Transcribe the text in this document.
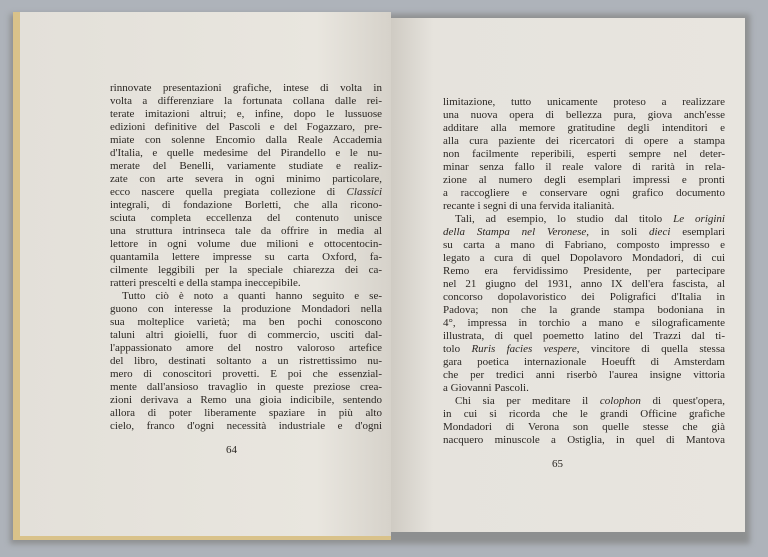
rinnovate presentazioni grafiche, intese di volta in
volta a differenziare la fortunata collana dalle rei-
terate imitazioni altrui; e, infine, dopo le lussuose
edizioni definitive del Pascoli e del Fogazzaro, pre-
miate con solenne Encomio dalla Reale Accademia
d'Italia, e quelle medesime del Pirandello e le nu-
merate del Benelli, variamente studiate e realiz-
zate con arte severa in ogni minimo particolare,
ecco nascere quella pregiata collezione di Classici
integrali, di fondazione Borletti, che alla ricono-
sciuta completa eccellenza del contenuto unisce
una struttura intrinseca tale da offrire in media al
lettore in ogni volume due milioni e ottocentocin-
quantamila lettere impresse su carta Oxford, fa-
cilmente leggibili per la speciale chiarezza dei ca-
ratteri prescelti e della stampa ineccepibile.
Tutto ciò è noto a quanti hanno seguito e se-
guono con interesse la produzione Mondadori nella
sua molteplice varietà; ma ben pochi conoscono
taluni altri gioielli, fuor di commercio, usciti dal-
l'appassionato amore del nostro valoroso artefice
del libro, destinati soltanto a un ristrettissimo nu-
mero di conoscitori provetti. E poi che essenzial-
mente dall'ansioso travaglio in queste preziose crea-
zioni derivava a Remo una gioia indicibile, sentendo
allora di poter liberamente spaziare in più alto
cielo, franco d'ogni necessità industriale e d'ogni
64
limitazione, tutto unicamente proteso a realizzare
una nuova opera di bellezza pura, giova anch'esse
additare alla memore gratitudine degli intenditori e
alla cura paziente dei ricercatori di opere a stampa
non facilmente reperibili, esperti sempre nel deter-
minar senza fallo il reale valore di rarità in rela-
zione al numero degli esemplari impressi e pronti
a raccogliere e conservare ogni grafico documento
recante i segni di una fervida italianità.
Tali, ad esempio, lo studio dal titolo Le origini
della Stampa nel Veronese, in soli dieci esemplari
su carta a mano di Fabriano, composto impresso e
legato a cura di quel Dopolavoro Mondadori, di cui
Remo era fervidissimo Presidente, per partecipare
nel 21 giugno del 1931, anno IX dell'era fascista, al
concorso dopolavoristico dei Poligrafici d'Italia in
Padova; non che la grande stampa bodoniana in
4°, impressa in torchio a mano e silograficamente
illustrata, di quel poemetto latino del Trazzi dal ti-
tolo Ruris facies vespere, vincitore di quella stessa
gara poetica internazionale Hoeufft di Amsterdam
che per tredici anni riserbò l'aurea insigne vittoria
a Giovanni Pascoli.
Chi sia per meditare il colophon di quest'opera,
in cui si ricorda che le grandi Officine grafiche
Mondadori di Verona son quelle stesse che già
nacquero minuscole a Ostiglia, in quel di Mantova
65
